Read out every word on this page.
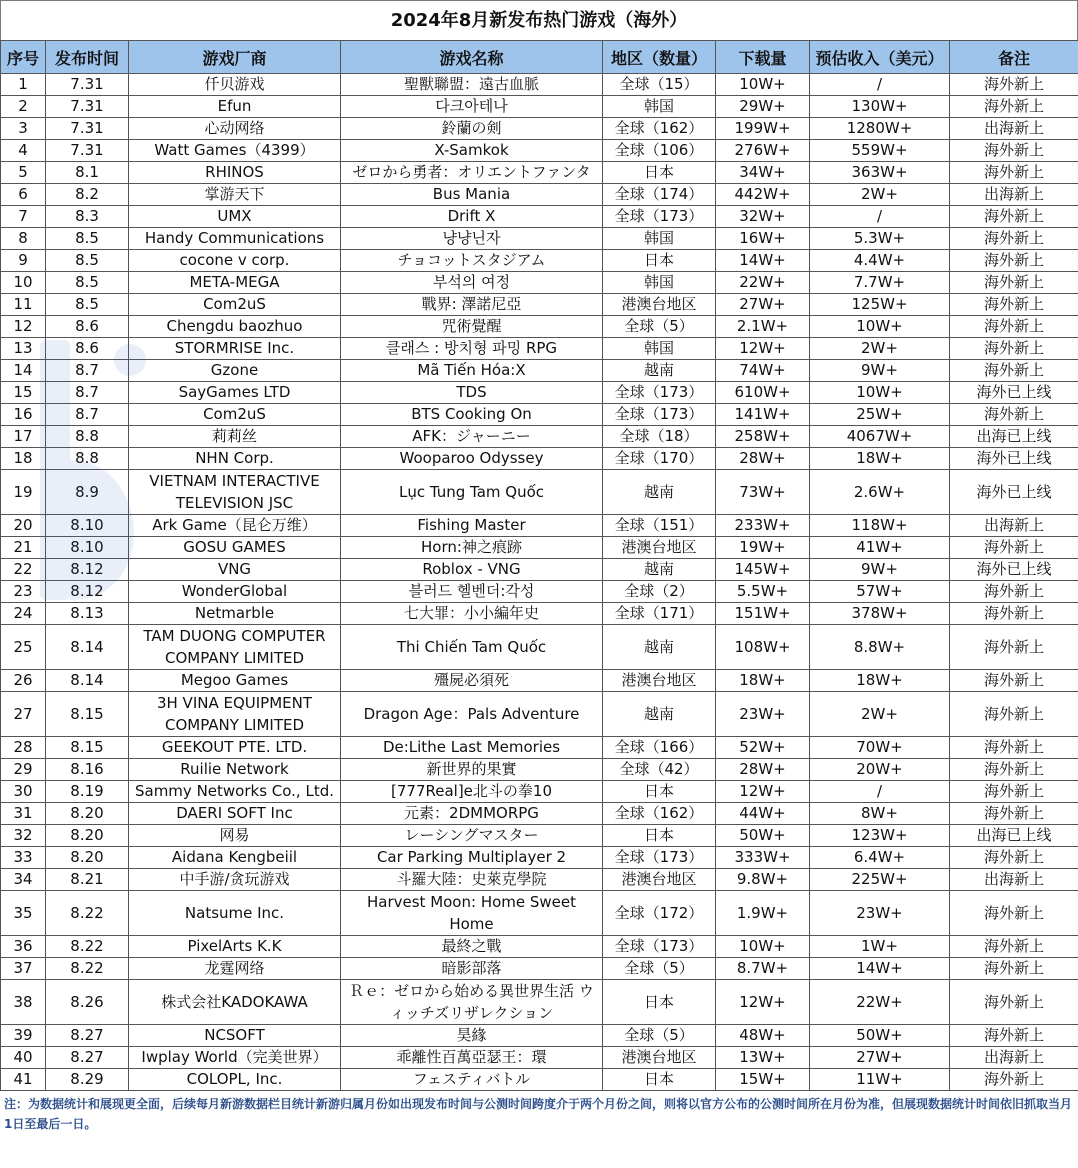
2024年8月新发布热门游戏（海外）
序号	发布时间	游戏厂商	游戏名称	地区（数量）	下载量	预估收入（美元）	备注
1	7.31	仟贝游戏	聖獸聯盟：遠古血脈	全球（15）	10W+	/	海外新上
2	7.31	Efun	다크아테나	韩国	29W+	130W+	海外新上
3	7.31	心动网络	鈴蘭の剣	全球（162）	199W+	1280W+	出海新上
4	7.31	Watt Games（4399）	X-Samkok	全球（106）	276W+	559W+	海外新上
5	8.1	RHINOS	ゼロから勇者：オリエントファンタ	日本	34W+	363W+	海外新上
6	8.2	掌游天下	Bus Mania	全球（174）	442W+	2W+	出海新上
7	8.3	UMX	Drift X	全球（173）	32W+	/	海外新上
8	8.5	Handy Communications	냥냥닌자	韩国	16W+	5.3W+	海外新上
9	8.5	cocone v corp.	チョコットスタジアム	日本	14W+	4.4W+	海外新上
10	8.5	META-MEGA	부석의 여정	韩国	22W+	7.7W+	海外新上
11	8.5	Com2uS	戰界: 澤諾尼亞	港澳台地区	27W+	125W+	海外新上
12	8.6	Chengdu baozhuo	咒術覺醒	全球（5）	2.1W+	10W+	海外新上
13	8.6	STORMRISE Inc.	클래스 : 방치형 파밍 RPG	韩国	12W+	2W+	海外新上
14	8.7	Gzone	Mã Tiến Hóa:X	越南	74W+	9W+	海外新上
15	8.7	SayGames LTD	TDS	全球（173）	610W+	10W+	海外已上线
16	8.7	Com2uS	BTS Cooking On	全球（173）	141W+	25W+	海外新上
17	8.8	莉莉丝	AFK：ジャーニー	全球（18）	258W+	4067W+	出海已上线
18	8.8	NHN Corp.	Wooparoo Odyssey	全球（170）	28W+	18W+	海外已上线
19	8.9	VIETNAM INTERACTIVE TELEVISION JSC	Lục Tung Tam Quốc	越南	73W+	2.6W+	海外已上线
20	8.10	Ark Game（昆仑万维）	Fishing Master	全球（151）	233W+	118W+	出海新上
21	8.10	GOSU GAMES	Horn:神之痕跡	港澳台地区	19W+	41W+	海外新上
22	8.12	VNG	Roblox - VNG	越南	145W+	9W+	海外已上线
23	8.12	WonderGlobal	블러드 헬벤더:각성	全球（2）	5.5W+	57W+	海外新上
24	8.13	Netmarble	七大罪：小小編年史	全球（171）	151W+	378W+	海外新上
25	8.14	TAM DUONG COMPUTER COMPANY LIMITED	Thi Chiến Tam Quốc	越南	108W+	8.8W+	海外新上
26	8.14	Megoo Games	殭屍必須死	港澳台地区	18W+	18W+	海外新上
27	8.15	3H VINA EQUIPMENT COMPANY LIMITED	Dragon Age：Pals Adventure	越南	23W+	2W+	海外新上
28	8.15	GEEKOUT PTE. LTD.	De:Lithe Last Memories	全球（166）	52W+	70W+	海外新上
29	8.16	Ruilie Network	新世界的果實	全球（42）	28W+	20W+	海外新上
30	8.19	Sammy Networks Co., Ltd.	[777Real]e北斗の拳10	日本	12W+	/	海外新上
31	8.20	DAERI SOFT Inc	元素：2DMMORPG	全球（162）	44W+	8W+	海外新上
32	8.20	网易	レーシングマスター	日本	50W+	123W+	出海已上线
33	8.20	Aidana Kengbeiil	Car Parking Multiplayer 2	全球（173）	333W+	6.4W+	海外新上
34	8.21	中手游/贪玩游戏	斗羅大陸：史萊克學院	港澳台地区	9.8W+	225W+	出海新上
35	8.22	Natsume Inc.	Harvest Moon: Home Sweet Home	全球（172）	1.9W+	23W+	海外新上
36	8.22	PixelArts K.K	最終之戰	全球（173）	10W+	1W+	海外新上
37	8.22	龙霆网络	暗影部落	全球（5）	8.7W+	14W+	海外新上
38	8.26	株式会社KADOKAWA	Ｒｅ：ゼロから始める異世界生活 ウィッチズリザレクション	日本	12W+	22W+	海外新上
39	8.27	NCSOFT	昊緣	全球（5）	48W+	50W+	海外新上
40	8.27	Iwplay World（完美世界）	乖離性百萬亞瑟王：環	港澳台地区	13W+	27W+	出海新上
41	8.29	COLOPL, Inc.	フェスティバトル	日本	15W+	11W+	海外新上
注：为数据统计和展现更全面，后续每月新游数据栏目统计新游归属月份如出现发布时间与公测时间跨度介于两个月份之间，则将以官方公布的公测时间所在月份为准，但展现数据统计时间依旧抓取当月1日至最后一日。
